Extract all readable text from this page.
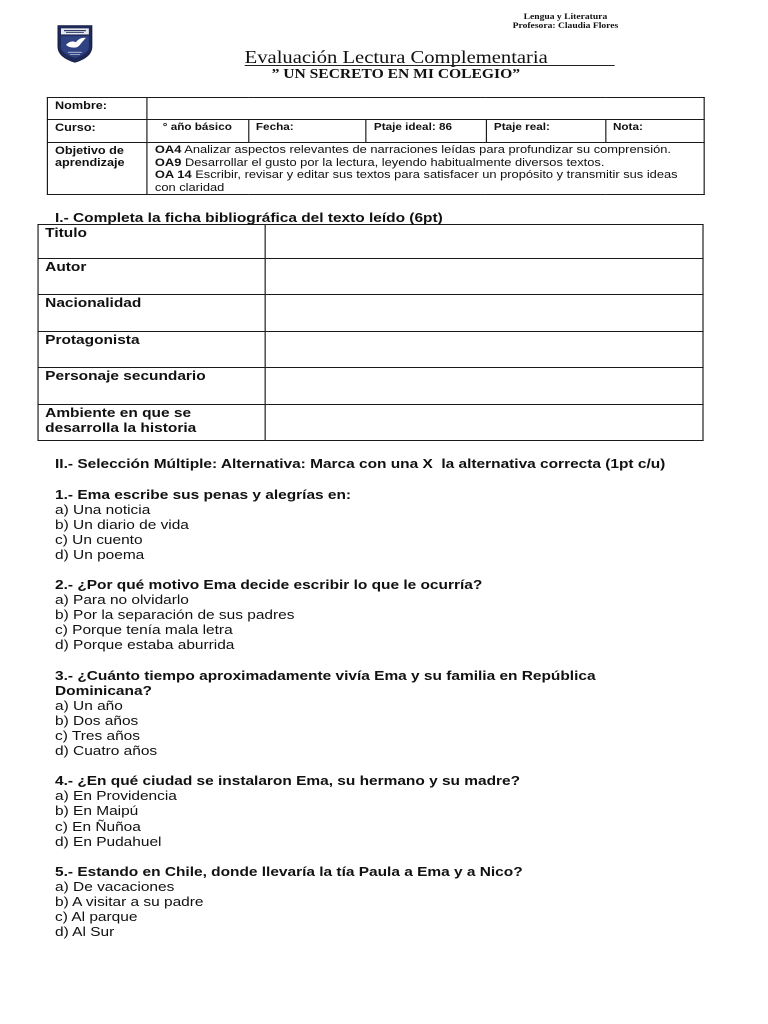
Lengua y Literatura
Profesora: Claudia Flores
Evaluación Lectura Complementaria
” UN SECRETO EN MI COLEGIO”
Nombre:					
Curso:	° año básico	Fecha:	Ptaje ideal: 86	Ptaje real:	Nota:
Objetivo de aprendizaje	OA4 Analizar aspectos relevantes de narraciones leídas para profundizar su comprensión.
OA9 Desarrollar el gusto por la lectura, leyendo habitualmente diversos textos.
OA 14 Escribir, revisar y editar sus textos para satisfacer un propósito y transmitir sus ideas con claridad				
I.- Completa la ficha bibliográfica del texto leído (6pt)
Titulo	
Autor	
Nacionalidad	
Protagonista	
Personaje secundario	
Ambiente en que se desarrolla la historia	
II.- Selección Múltiple: Alternativa: Marca con una X  la alternativa correcta (1pt c/u)
1.- Ema escribe sus penas y alegrías en:
a) Una noticia
b) Un diario de vida
c) Un cuento
d) Un poema
2.- ¿Por qué motivo Ema decide escribir lo que le ocurría?
a) Para no olvidarlo
b) Por la separación de sus padres
c) Porque tenía mala letra
d) Porque estaba aburrida
3.- ¿Cuánto tiempo aproximadamente vivía Ema y su familia en República Dominicana?
a) Un año
b) Dos años
c) Tres años
d) Cuatro años
4.- ¿En qué ciudad se instalaron Ema, su hermano y su madre?
a) En Providencia
b) En Maipú
c) En Ñuñoa
d) En Pudahuel
5.- Estando en Chile, donde llevaría la tía Paula a Ema y a Nico?
a) De vacaciones
b) A visitar a su padre
c) Al parque
d) Al Sur
